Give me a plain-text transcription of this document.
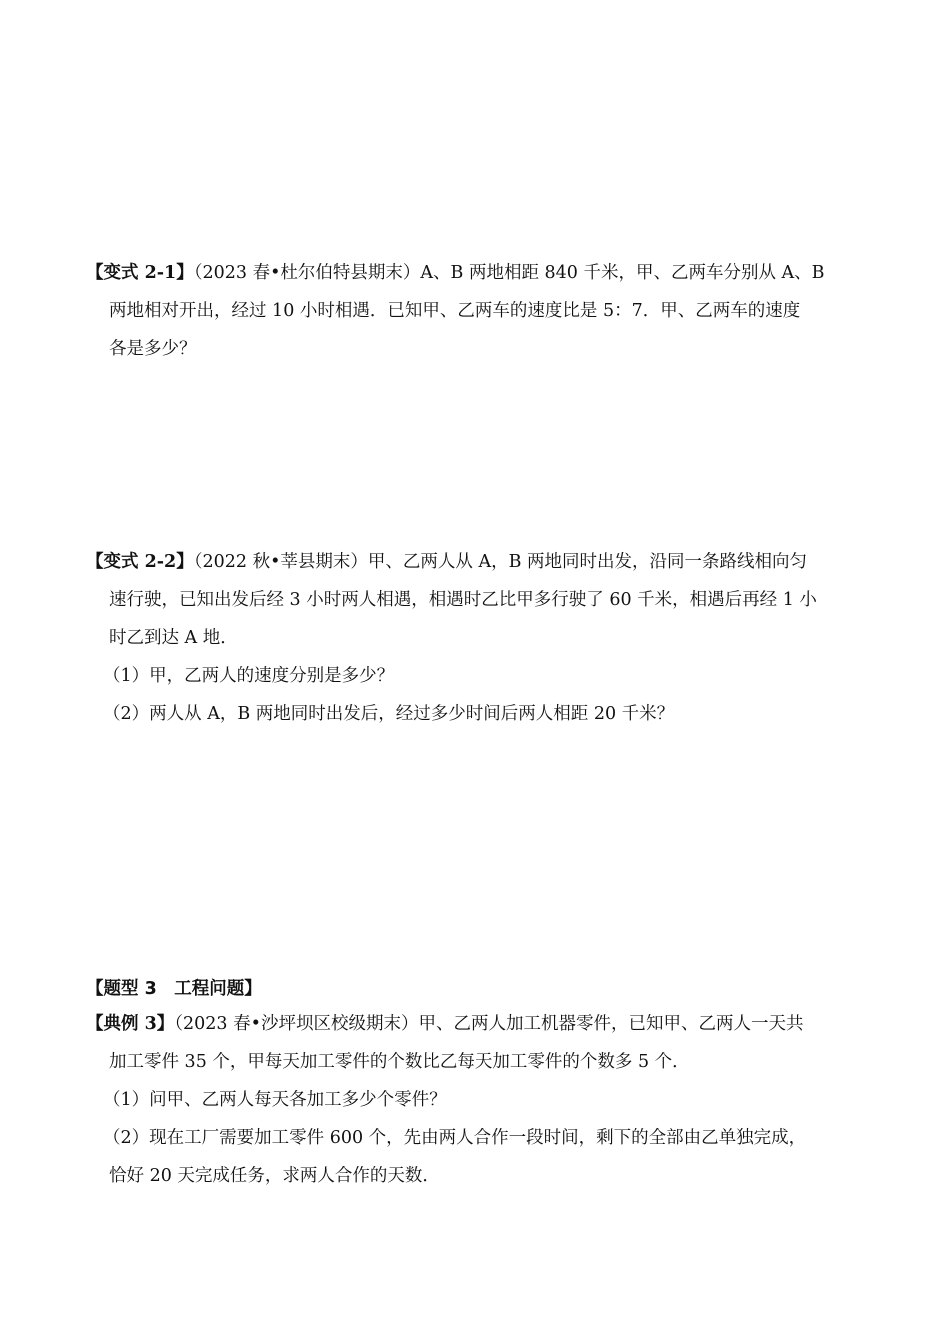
【变式 2-1】（2023 春•杜尔伯特县期末）A、B 两地相距 840 千米，甲、乙两车分别从 A、B
两地相对开出，经过 10 小时相遇．已知甲、乙两车的速度比是 5：7．甲、乙两车的速度
各是多少？
【变式 2-2】（2022 秋•莘县期末）甲、乙两人从 A，B 两地同时出发，沿同一条路线相向匀
速行驶，已知出发后经 3 小时两人相遇，相遇时乙比甲多行驶了 60 千米，相遇后再经 1 小
时乙到达 A 地．
（1）甲，乙两人的速度分别是多少？
（2）两人从 A，B 两地同时出发后，经过多少时间后两人相距 20 千米？
【题型 3　工程问题】
【典例 3】（2023 春•沙坪坝区校级期末）甲、乙两人加工机器零件，已知甲、乙两人一天共
加工零件 35 个，甲每天加工零件的个数比乙每天加工零件的个数多 5 个．
（1）问甲、乙两人每天各加工多少个零件？
（2）现在工厂需要加工零件 600 个，先由两人合作一段时间，剩下的全部由乙单独完成，
恰好 20 天完成任务，求两人合作的天数．
